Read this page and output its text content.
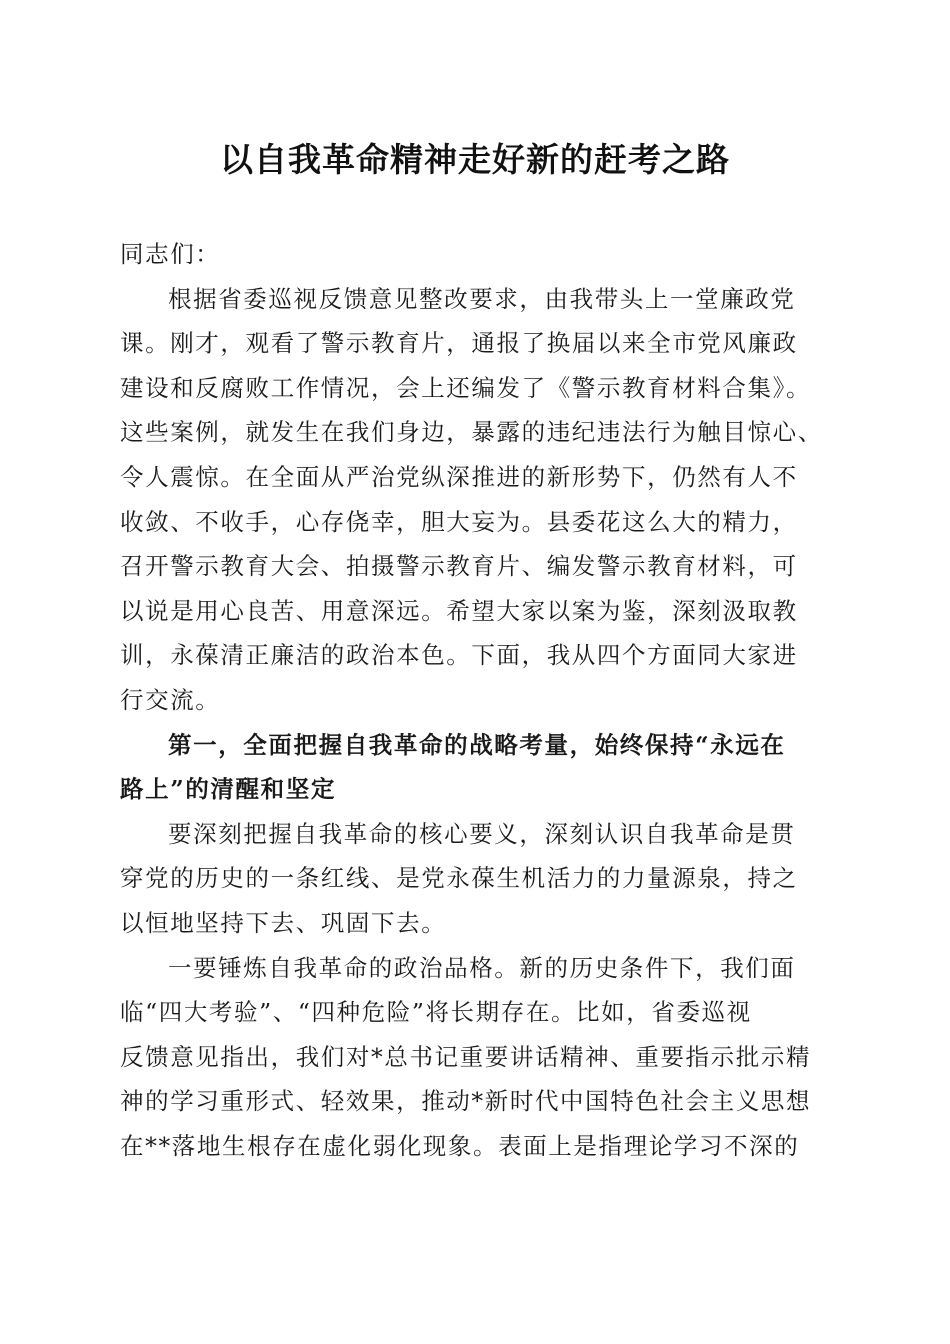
以自我革命精神走好新的赶考之路
同志们：
根据省委巡视反馈意见整改要求，由我带头上一堂廉政党
课。刚才，观看了警示教育片，通报了换届以来全市党风廉政
建设和反腐败工作情况，会上还编发了《警示教育材料合集》。
这些案例，就发生在我们身边，暴露的违纪违法行为触目惊心、
令人震惊。在全面从严治党纵深推进的新形势下，仍然有人不
收敛、不收手，心存侥幸，胆大妄为。县委花这么大的精力，
召开警示教育大会、拍摄警示教育片、编发警示教育材料，可
以说是用心良苦、用意深远。希望大家以案为鉴，深刻汲取教
训，永葆清正廉洁的政治本色。下面，我从四个方面同大家进
行交流。
第一，全面把握自我革命的战略考量，始终保持“永远在
路上”的清醒和坚定
要深刻把握自我革命的核心要义，深刻认识自我革命是贯
穿党的历史的一条红线、是党永葆生机活力的力量源泉，持之
以恒地坚持下去、巩固下去。
一要锤炼自我革命的政治品格。新的历史条件下，我们面
临“四大考验”、“四种危险”将长期存在。比如，省委巡视
反馈意见指出，我们对*总书记重要讲话精神、重要指示批示精
神的学习重形式、轻效果，推动*新时代中国特色社会主义思想
在**落地生根存在虚化弱化现象。表面上是指理论学习不深的
